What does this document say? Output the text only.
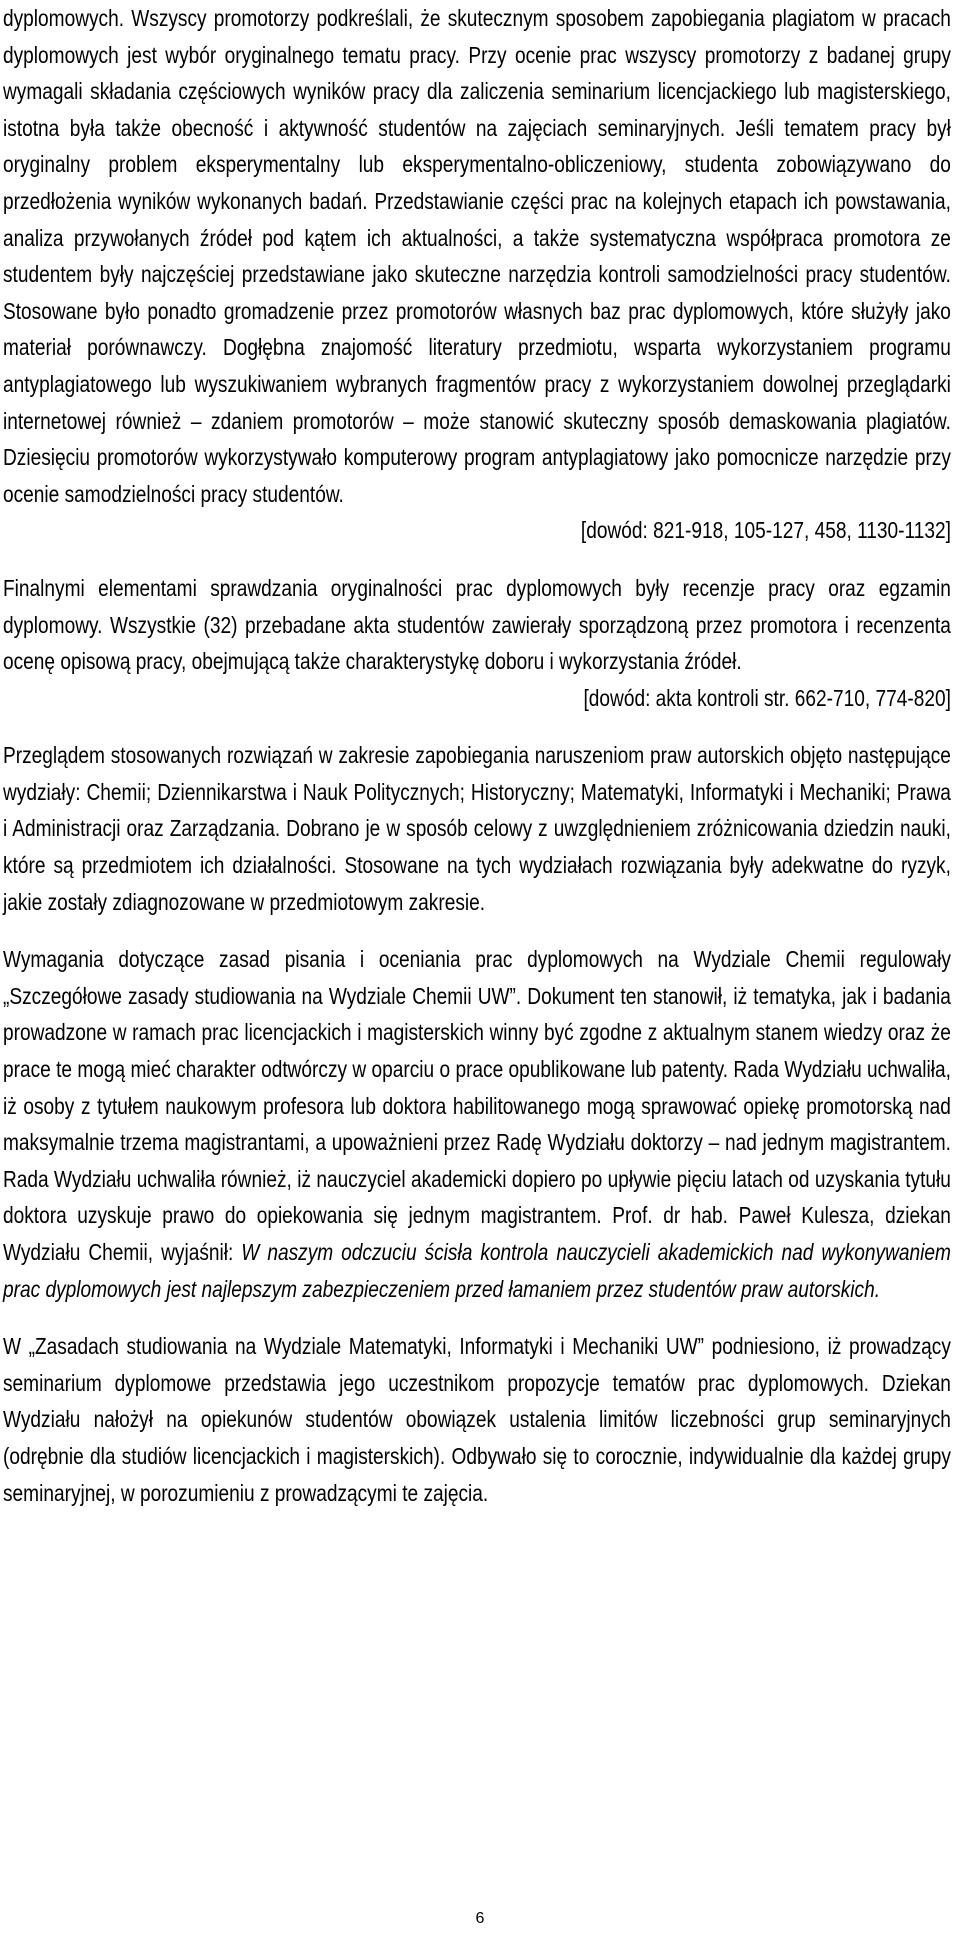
dyplomowych. Wszyscy promotorzy podkreślali, że skutecznym sposobem zapobiegania plagiatom w pracach dyplomowych jest wybór oryginalnego tematu pracy. Przy ocenie prac wszyscy promotorzy z badanej grupy wymagali składania częściowych wyników pracy dla zaliczenia seminarium licencjackiego lub magisterskiego, istotna była także obecność i aktywność studentów na zajęciach seminaryjnych. Jeśli tematem pracy był oryginalny problem eksperymentalny lub eksperymentalno-obliczeniowy, studenta zobowiązywano do przedłożenia wyników wykonanych badań. Przedstawianie części prac na kolejnych etapach ich powstawania, analiza przywołanych źródeł pod kątem ich aktualności, a także systematyczna współpraca promotora ze studentem były najczęściej przedstawiane jako skuteczne narzędzia kontroli samodzielności pracy studentów. Stosowane było ponadto gromadzenie przez promotorów własnych baz prac dyplomowych, które służyły jako materiał porównawczy. Dogłębna znajomość literatury przedmiotu, wsparta wykorzystaniem programu antyplagiatowego lub wyszukiwaniem wybranych fragmentów pracy z wykorzystaniem dowolnej przeglądarki internetowej również – zdaniem promotorów – może stanowić skuteczny sposób demaskowania plagiatów. Dziesięciu promotorów wykorzystywało komputerowy program antyplagiatowy jako pomocnicze narzędzie przy ocenie samodzielności pracy studentów.

[dowód: 821-918, 105-127, 458, 1130-1132]

Finalnymi elementami sprawdzania oryginalności prac dyplomowych były recenzje pracy oraz egzamin dyplomowy. Wszystkie (32) przebadane akta studentów zawierały sporządzoną przez promotora i recenzenta ocenę opisową pracy, obejmującą także charakterystykę doboru i wykorzystania źródeł.

[dowód: akta kontroli str. 662-710, 774-820]

Przeglądem stosowanych rozwiązań w zakresie zapobiegania naruszeniom praw autorskich objęto następujące wydziały: Chemii; Dziennikarstwa i Nauk Politycznych; Historyczny; Matematyki, Informatyki i Mechaniki; Prawa i Administracji oraz Zarządzania. Dobrano je w sposób celowy z uwzględnieniem zróżnicowania dziedzin nauki, które są przedmiotem ich działalności. Stosowane na tych wydziałach rozwiązania były adekwatne do ryzyk, jakie zostały zdiagnozowane w przedmiotowym zakresie.

Wymagania dotyczące zasad pisania i oceniania prac dyplomowych na Wydziale Chemii regulowały „Szczegółowe zasady studiowania na Wydziale Chemii UW”. Dokument ten stanowił, iż tematyka, jak i badania prowadzone w ramach prac licencjackich i magisterskich winny być zgodne z aktualnym stanem wiedzy oraz że prace te mogą mieć charakter odtwórczy w oparciu o prace opublikowane lub patenty. Rada Wydziału uchwaliła, iż osoby z tytułem naukowym profesora lub doktora habilitowanego mogą sprawować opiekę promotorską nad maksymalnie trzema magistrantami, a upoważnieni przez Radę Wydziału doktorzy – nad jednym magistrantem. Rada Wydziału uchwaliła również, iż nauczyciel akademicki dopiero po upływie pięciu latach od uzyskania tytułu doktora uzyskuje prawo do opiekowania się jednym magistrantem. Prof. dr hab. Paweł Kulesza, dziekan Wydziału Chemii, wyjaśnił: W naszym odczuciu ścisła kontrola nauczycieli akademickich nad wykonywaniem prac dyplomowych jest najlepszym zabezpieczeniem przed łamaniem przez studentów praw autorskich.

W „Zasadach studiowania na Wydziale Matematyki, Informatyki i Mechaniki UW” podniesiono, iż prowadzący seminarium dyplomowe przedstawia jego uczestnikom propozycje tematów prac dyplomowych. Dziekan Wydziału nałożył na opiekunów studentów obowiązek ustalenia limitów liczebności grup seminaryjnych (odrębnie dla studiów licencjackich i magisterskich). Odbywało się to corocznie, indywidualnie dla każdej grupy seminaryjnej, w porozumieniu z prowadzącymi te zajęcia.

6
